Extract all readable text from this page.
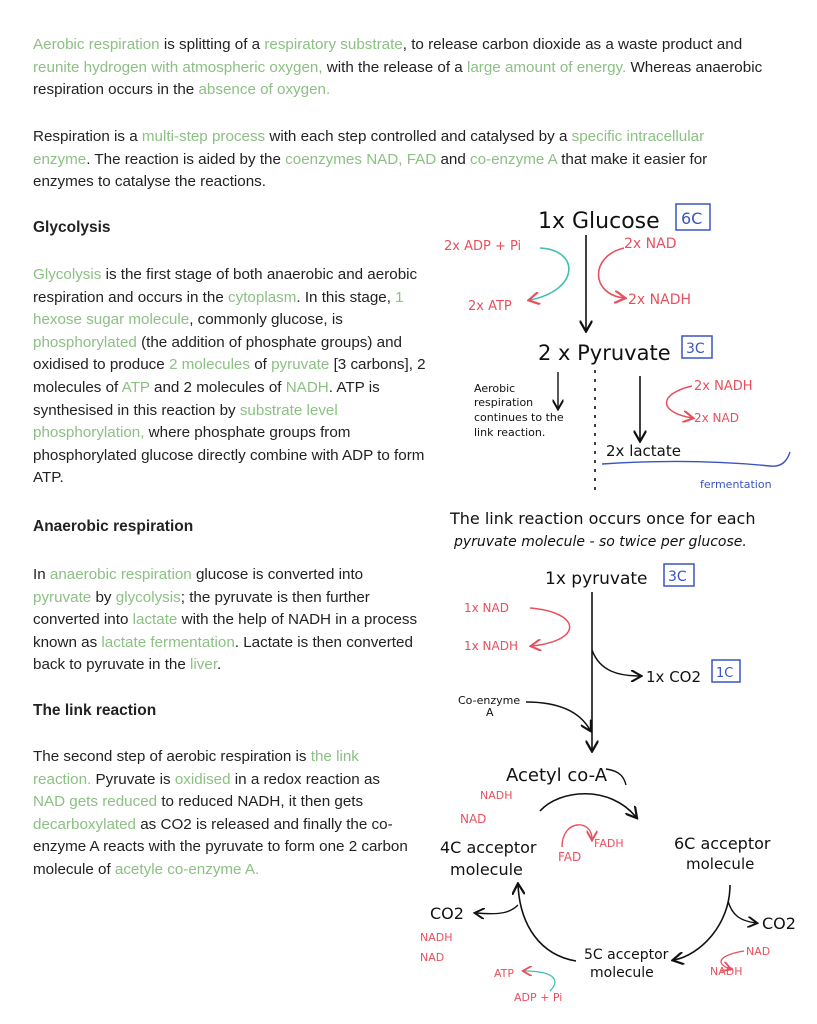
Aerobic respiration is splitting of a respiratory substrate, to release carbon dioxide as a waste product and reunite hydrogen with atmospheric oxygen, with the release of a large amount of energy. Whereas anaerobic respiration occurs in the absence of oxygen.

Respiration is a multi-step process with each step controlled and catalysed by a specific intracellular enzyme. The reaction is aided by the coenzymes NAD, FAD and co-enzyme A that make it easier for enzymes to catalyse the reactions.

Glycolysis

Glycolysis is the first stage of both anaerobic and aerobic respiration and occurs in the cytoplasm. In this stage, 1 hexose sugar molecule, commonly glucose, is phosphorylated (the addition of phosphate groups) and oxidised to produce 2 molecules of pyruvate [3 carbons], 2 molecules of ATP and 2 molecules of NADH. ATP is synthesised in this reaction by substrate level phosphorylation, where phosphate groups from phosphorylated glucose directly combine with ADP to form ATP.

Anaerobic respiration

In anaerobic respiration glucose is converted into pyruvate by glycolysis; the pyruvate is then further converted into lactate with the help of NADH in a process known as lactate fermentation. Lactate is then converted back to pyruvate in the liver.

The link reaction

The second step of aerobic respiration is the link reaction. Pyruvate is oxidised in a redox reaction as NAD gets reduced to reduced NADH, it then gets decarboxylated as CO2 is released and finally the co-enzyme A reacts with the pyruvate to form one 2 carbon molecule of acetyle co-enzyme A.

1x Glucose 6C
2x ADP + Pi	2x NAD
2x ATP	2x NADH
2 x Pyruvate 3C
Aerobic
respiration
continues to the
link reaction.
2x NADH
2x NAD
2x lactate
fermentation
The link reaction occurs once for each
pyruvate molecule - so twice per glucose.
1x pyruvate 3C
1x NAD
1x NADH
1x CO2 1C
Co-enzyme
A
Acetyl co-A
NADH
NAD
FAD
FADH
4C acceptor
molecule
6C acceptor
molecule
CO2
NADH
NAD
CO2
NAD
NADH
5C acceptor
molecule
ATP
ADP + Pi
